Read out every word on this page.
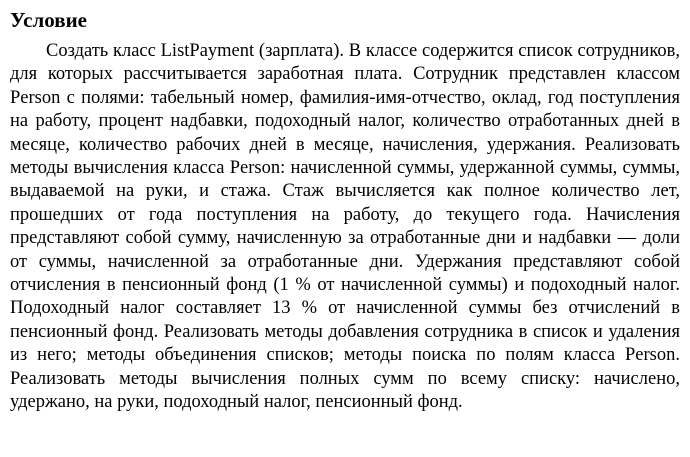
Условие

Создать класс ListPayment (зарплата). В классе содержится список сотрудников, для которых рассчитывается заработная плата. Сотрудник представлен классом Person с полями: табельный номер, фамилия-имя-отчество, оклад, год поступления на работу, процент надбавки, подоходный налог, количество отработанных дней в месяце, количество рабочих дней в месяце, начисления, удержания. Реализовать методы вычисления класса Person: начисленной суммы, удержанной суммы, суммы, выдаваемой на руки, и стажа. Стаж вычисляется как полное количество лет, прошедших от года поступления на работу, до текущего года. Начисления представляют собой сумму, начисленную за отработанные дни и надбавки — доли от суммы, начисленной за отработанные дни. Удержания представляют собой отчисления в пенсионный фонд (1 % от начисленной суммы) и подоходный налог. Подоходный налог составляет 13 % от начисленной суммы без отчислений в пенсионный фонд. Реализовать методы добавления сотрудника в список и удаления из него; методы объединения списков; методы поиска по полям класса Person. Реализовать методы вычисления полных сумм по всему списку: начислено, удержано, на руки, подоходный налог, пенсионный фонд.
